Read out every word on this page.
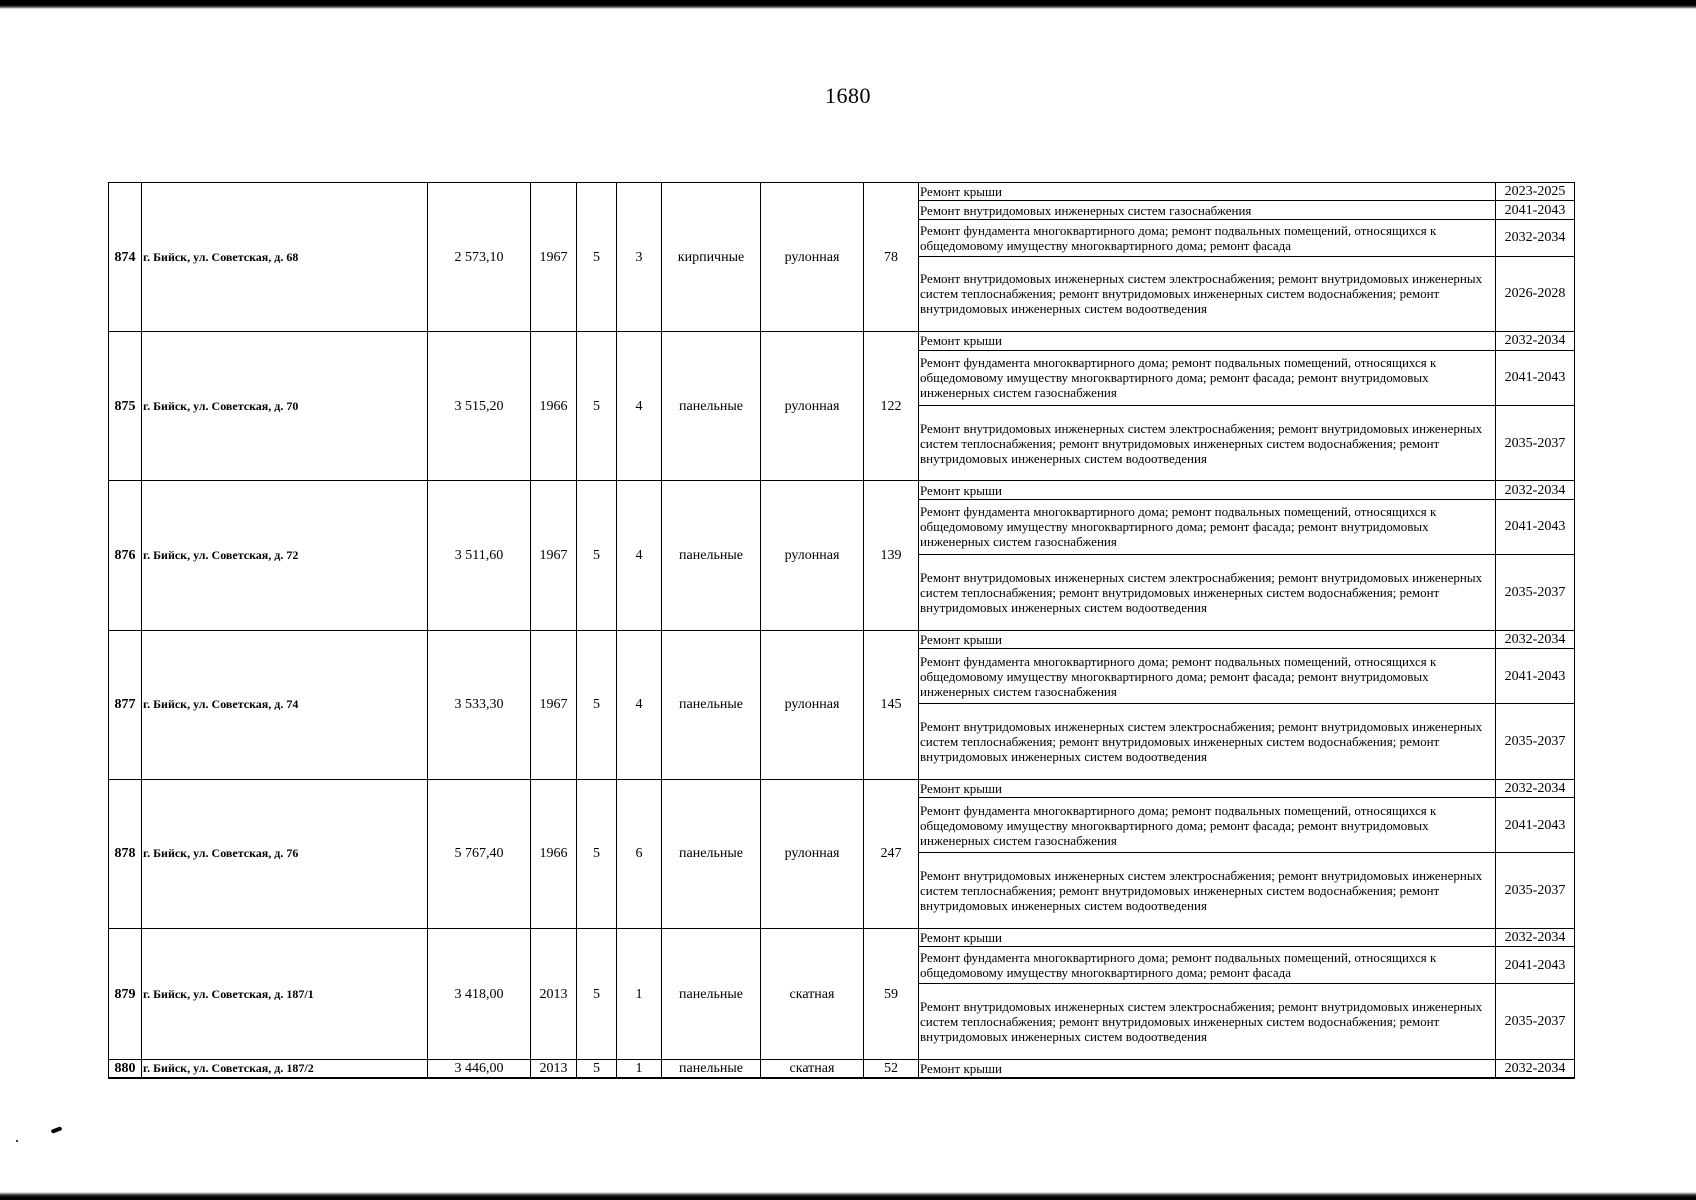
1680
874	г. Бийск, ул. Советская, д. 68	2 573,10	1967	5	3	кирпичные	рулонная	78	Ремонт крыши	2023-2025
									Ремонт внутридомовых инженерных систем газоснабжения	2041-2043
									Ремонт фундамента многоквартирного дома; ремонт подвальных помещений, относящихся к общедомовому имуществу многоквартирного дома; ремонт фасада	2032-2034
									Ремонт внутридомовых инженерных систем электроснабжения; ремонт внутридомовых инженерных систем теплоснабжения; ремонт внутридомовых инженерных систем водоснабжения; ремонт внутридомовых инженерных систем водоотведения	2026-2028
875	г. Бийск, ул. Советская, д. 70	3 515,20	1966	5	4	панельные	рулонная	122	Ремонт крыши	2032-2034
									Ремонт фундамента многоквартирного дома; ремонт подвальных помещений, относящихся к общедомовому имуществу многоквартирного дома; ремонт фасада; ремонт внутридомовых инженерных систем газоснабжения	2041-2043
									Ремонт внутридомовых инженерных систем электроснабжения; ремонт внутридомовых инженерных систем теплоснабжения; ремонт внутридомовых инженерных систем водоснабжения; ремонт внутридомовых инженерных систем водоотведения	2035-2037
876	г. Бийск, ул. Советская, д. 72	3 511,60	1967	5	4	панельные	рулонная	139	Ремонт крыши	2032-2034
									Ремонт фундамента многоквартирного дома; ремонт подвальных помещений, относящихся к общедомовому имуществу многоквартирного дома; ремонт фасада; ремонт внутридомовых инженерных систем газоснабжения	2041-2043
									Ремонт внутридомовых инженерных систем электроснабжения; ремонт внутридомовых инженерных систем теплоснабжения; ремонт внутридомовых инженерных систем водоснабжения; ремонт внутридомовых инженерных систем водоотведения	2035-2037
877	г. Бийск, ул. Советская, д. 74	3 533,30	1967	5	4	панельные	рулонная	145	Ремонт крыши	2032-2034
									Ремонт фундамента многоквартирного дома; ремонт подвальных помещений, относящихся к общедомовому имуществу многоквартирного дома; ремонт фасада; ремонт внутридомовых инженерных систем газоснабжения	2041-2043
									Ремонт внутридомовых инженерных систем электроснабжения; ремонт внутридомовых инженерных систем теплоснабжения; ремонт внутридомовых инженерных систем водоснабжения; ремонт внутридомовых инженерных систем водоотведения	2035-2037
878	г. Бийск, ул. Советская, д. 76	5 767,40	1966	5	6	панельные	рулонная	247	Ремонт крыши	2032-2034
									Ремонт фундамента многоквартирного дома; ремонт подвальных помещений, относящихся к общедомовому имуществу многоквартирного дома; ремонт фасада; ремонт внутридомовых инженерных систем газоснабжения	2041-2043
									Ремонт внутридомовых инженерных систем электроснабжения; ремонт внутридомовых инженерных систем теплоснабжения; ремонт внутридомовых инженерных систем водоснабжения; ремонт внутридомовых инженерных систем водоотведения	2035-2037
879	г. Бийск, ул. Советская, д. 187/1	3 418,00	2013	5	1	панельные	скатная	59	Ремонт крыши	2032-2034
									Ремонт фундамента многоквартирного дома; ремонт подвальных помещений, относящихся к общедомовому имуществу многоквартирного дома; ремонт фасада	2041-2043
									Ремонт внутридомовых инженерных систем электроснабжения; ремонт внутридомовых инженерных систем теплоснабжения; ремонт внутридомовых инженерных систем водоснабжения; ремонт внутридомовых инженерных систем водоотведения	2035-2037
880	г. Бийск, ул. Советская, д. 187/2	3 446,00	2013	5	1	панельные	скатная	52	Ремонт крыши	2032-2034
